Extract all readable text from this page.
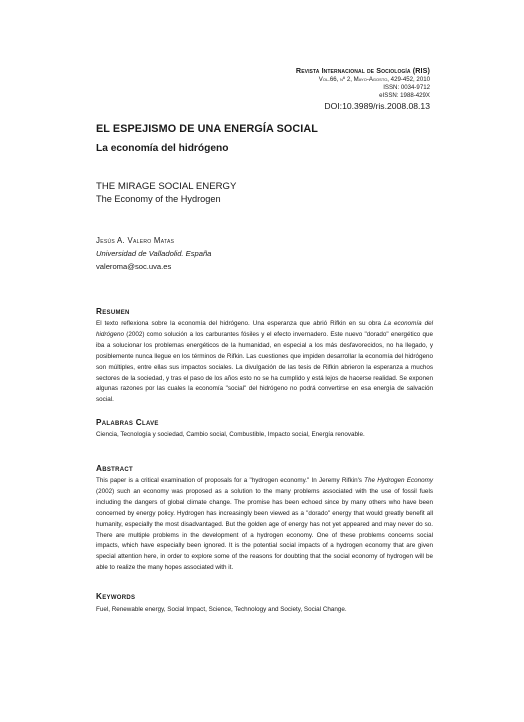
Revista Internacional de Sociología (RIS)
Vol.66, nº 2, Mayo-Agosto, 429-452, 2010
ISSN: 0034-9712
eISSN: 1988-429X
DOI:10.3989/ris.2008.08.13
EL ESPEJISMO DE UNA ENERGÍA SOCIAL
La economía del hidrógeno
THE MIRAGE SOCIAL ENERGY
The Economy of the Hydrogen
Jesús A. Valero Matas
Universidad de Valladolid. España
valeroma@soc.uva.es
Resumen
El texto reflexiona sobre la economía del hidrógeno. Una esperanza que abrió Rifkin en su obra La economía del hidrógeno (2002) como solución a los carburantes fósiles y el efecto invernadero. Este nuevo "dorado" energético que iba a solucionar los problemas energéticos de la humanidad, en especial a los más desfavorecidos, no ha llegado, y posiblemente nunca llegue en los términos de Rifkin. Las cuestiones que impiden desarrollar la economía del hidrógeno son múltiples, entre ellas sus impactos sociales. La divulgación de las tesis de Rifkin abrieron la esperanza a muchos sectores de la sociedad, y tras el paso de los años esto no se ha cumplido y está lejos de hacerse realidad. Se exponen algunas razones por las cuales la economía "social" del hidrógeno no podrá convertirse en esa energía de salvación social.
Palabras Clave
Ciencia, Tecnología y sociedad, Cambio social, Combustible, Impacto social, Energía renovable.
Abstract
This paper is a critical examination of proposals for a "hydrogen economy." In Jeremy Rifkin's The Hydrogen Economy (2002) such an economy was proposed as a solution to the many problems associated with the use of fossil fuels including the dangers of global climate change. The promise has been echoed since by many others who have been concerned by energy policy. Hydrogen has increasingly been viewed as a "dorado" energy that would greatly benefit all humanity, especially the most disadvantaged. But the golden age of energy has not yet appeared and may never do so. There are multiple problems in the development of a hydrogen economy. One of these problems concerns social impacts, which have especially been ignored. It is the potential social impacts of a hydrogen economy that are given special attention here, in order to explore some of the reasons for doubting that the social economy of hydrogen will be able to realize the many hopes associated with it.
Keywords
Fuel, Renewable energy, Social Impact, Science, Technology and Society, Social Change.
